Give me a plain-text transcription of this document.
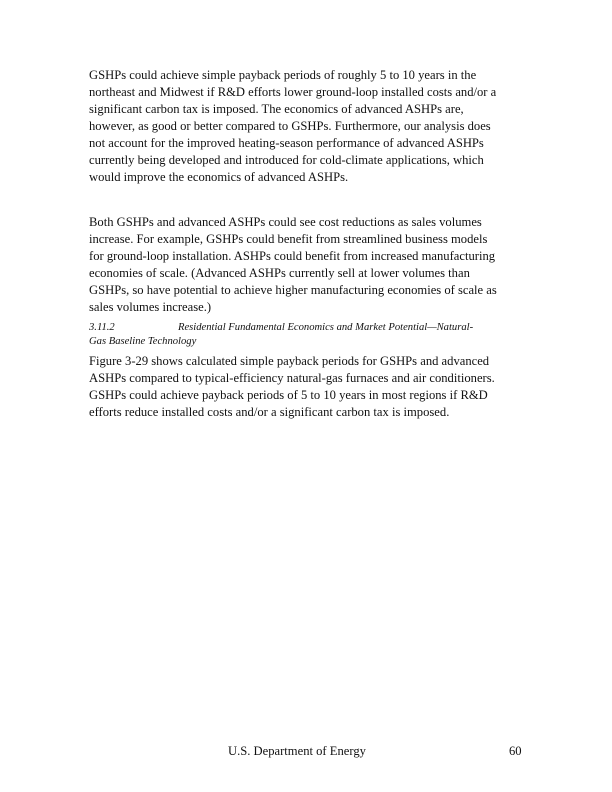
GSHPs could achieve simple payback periods of roughly 5 to 10 years in the
northeast and Midwest if R&D efforts lower ground-loop installed costs and/or a
significant carbon tax is imposed. The economics of advanced ASHPs are,
however, as good or better compared to GSHPs. Furthermore, our analysis does
not account for the improved heating-season performance of advanced ASHPs
currently being developed and introduced for cold-climate applications, which
would improve the economics of advanced ASHPs.
Both GSHPs and advanced ASHPs could see cost reductions as sales volumes
increase. For example, GSHPs could benefit from streamlined business models
for ground-loop installation. ASHPs could benefit from increased manufacturing
economies of scale. (Advanced ASHPs currently sell at lower volumes than
GSHPs, so have potential to achieve higher manufacturing economies of scale as
sales volumes increase.)
3.11.2	Residential Fundamental Economics and Market Potential—Natural-
Gas Baseline Technology
Figure 3-29 shows calculated simple payback periods for GSHPs and advanced
ASHPs compared to typical-efficiency natural-gas furnaces and air conditioners.
GSHPs could achieve payback periods of 5 to 10 years in most regions if R&D
efforts reduce installed costs and/or a significant carbon tax is imposed.
U.S. Department of Energy	60
